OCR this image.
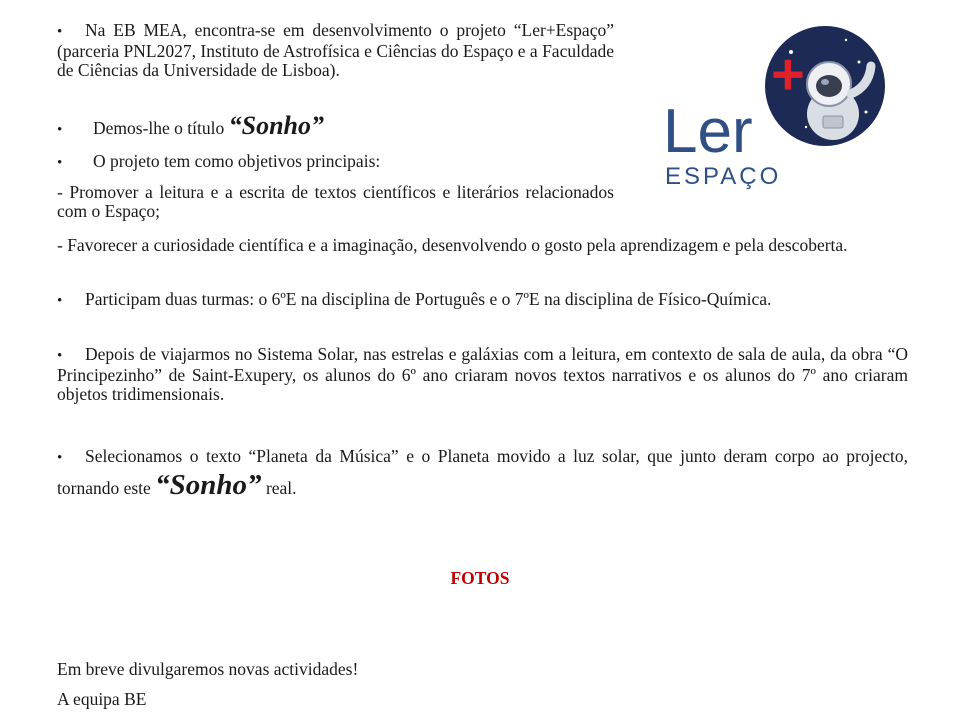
+
Ler
ESPAÇO

• Na EB MEA, encontra-se em desenvolvimento o projeto “Ler+Espaço” (parceria PNL2027, Instituto de Astrofísica e Ciências do Espaço e a Faculdade de Ciências da Universidade de Lisboa).

• Demos-lhe o título “Sonho”

• O projeto tem como objetivos principais:

- Promover a leitura e a escrita de textos científicos e literários relacionados com o Espaço;

- Favorecer a curiosidade científica e a imaginação, desenvolvendo o gosto pela aprendizagem e pela descoberta.

• Participam duas turmas: o 6ºE na disciplina de Português e o 7ºE na disciplina de Físico-Química.

• Depois de viajarmos no Sistema Solar, nas estrelas e galáxias com a leitura, em contexto de sala de aula, da obra “O Principezinho” de Saint-Exupery, os alunos do 6º ano criaram novos textos narrativos e os alunos do 7º ano criaram objetos tridimensionais.

• Selecionamos o texto “Planeta da Música” e o Planeta movido a luz solar, que junto deram corpo ao projecto, tornando este “Sonho” real.

FOTOS

Em breve divulgaremos novas actividades!

A equipa BE
